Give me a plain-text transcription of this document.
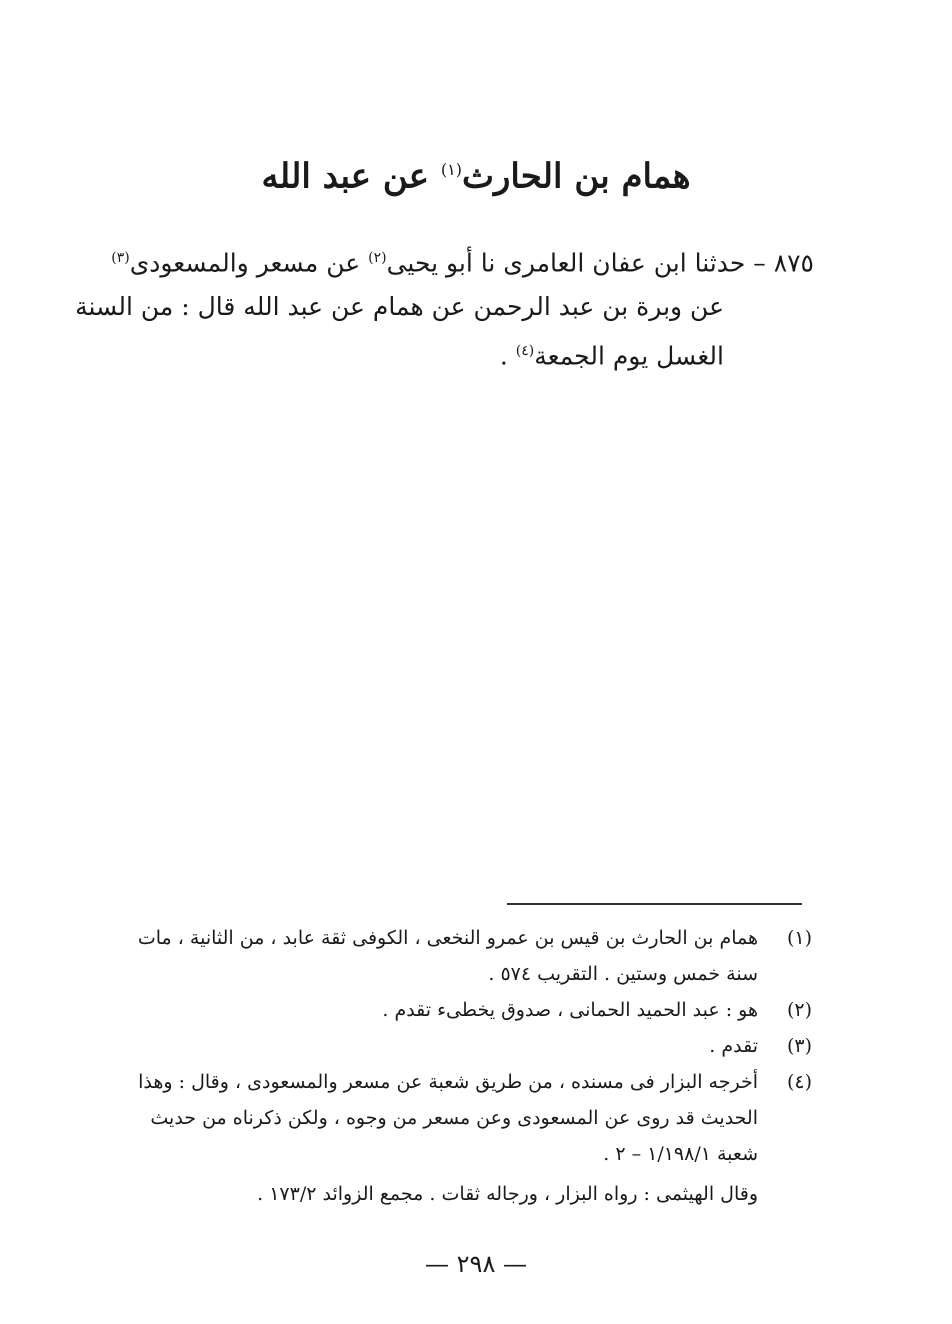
همام بن الحارث$^{(١)}$ عن عبد الله
٨٧٥ – حدثنا ابن عفان العامرى نا أبو يحيى$^{(٢)}$ عن مسعر والمسعودى$^{(٣)}$
عن وبرة بن عبد الرحمن عن همام عن عبد الله قال : من السنة
الغسل يوم الجمعة$^{(٤)}$ .
(١)
همام بن الحارث بن قيس بن عمرو النخعى ، الكوفى ثقة عابد ، من الثانية ، مات
سنة خمس وستين . التقريب ٥٧٤ .
(٢)
هو : عبد الحميد الحمانى ، صدوق يخطىء تقدم .
(٣)
تقدم .
(٤)
أخرجه البزار فى مسنده ، من طريق شعبة عن مسعر والمسعودى ، وقال : وهذا
الحديث قد روى عن المسعودى وعن مسعر من وجوه ، ولكن ذكرناه من حديث
شعبة ١/١٩٨/١ – ٢ .
وقال الهيثمى : رواه البزار ، ورجاله ثقات . مجمع الزوائد ١٧٣/٢ .
— ٢٩٨ —
